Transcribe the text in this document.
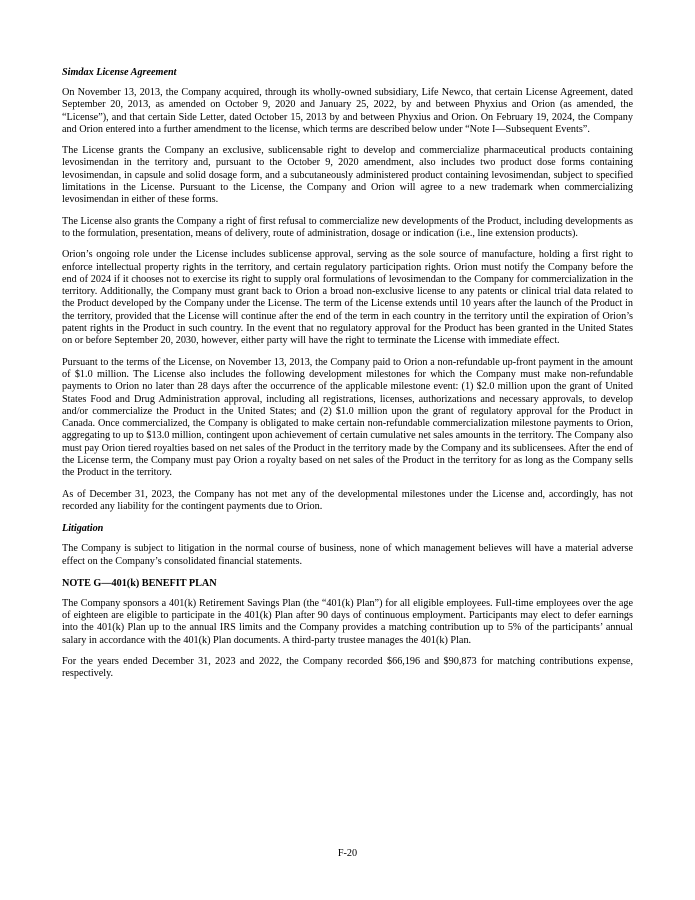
Simdax License Agreement

On November 13, 2013, the Company acquired, through its wholly-owned subsidiary, Life Newco, that certain License Agreement, dated September 20, 2013, as amended on October 9, 2020 and January 25, 2022, by and between Phyxius and Orion (as amended, the “License”), and that certain Side Letter, dated October 15, 2013 by and between Phyxius and Orion. On February 19, 2024, the Company and Orion entered into a further amendment to the license, which terms are described below under “Note I—Subsequent Events”.

The License grants the Company an exclusive, sublicensable right to develop and commercialize pharmaceutical products containing levosimendan in the territory and, pursuant to the October 9, 2020 amendment, also includes two product dose forms containing levosimendan, in capsule and solid dosage form, and a subcutaneously administered product containing levosimendan, subject to specified limitations in the License. Pursuant to the License, the Company and Orion will agree to a new trademark when commercializing levosimendan in either of these forms.

The License also grants the Company a right of first refusal to commercialize new developments of the Product, including developments as to the formulation, presentation, means of delivery, route of administration, dosage or indication (i.e., line extension products).

Orion’s ongoing role under the License includes sublicense approval, serving as the sole source of manufacture, holding a first right to enforce intellectual property rights in the territory, and certain regulatory participation rights. Orion must notify the Company before the end of 2024 if it chooses not to exercise its right to supply oral formulations of levosimendan to the Company for commercialization in the territory. Additionally, the Company must grant back to Orion a broad non-exclusive license to any patents or clinical trial data related to the Product developed by the Company under the License. The term of the License extends until 10 years after the launch of the Product in the territory, provided that the License will continue after the end of the term in each country in the territory until the expiration of Orion’s patent rights in the Product in such country. In the event that no regulatory approval for the Product has been granted in the United States on or before September 20, 2030, however, either party will have the right to terminate the License with immediate effect.

Pursuant to the terms of the License, on November 13, 2013, the Company paid to Orion a non-refundable up-front payment in the amount of $1.0 million. The License also includes the following development milestones for which the Company must make non-refundable payments to Orion no later than 28 days after the occurrence of the applicable milestone event: (1) $2.0 million upon the grant of United States Food and Drug Administration approval, including all registrations, licenses, authorizations and necessary approvals, to develop and/or commercialize the Product in the United States; and (2) $1.0 million upon the grant of regulatory approval for the Product in Canada. Once commercialized, the Company is obligated to make certain non-refundable commercialization milestone payments to Orion, aggregating to up to $13.0 million, contingent upon achievement of certain cumulative net sales amounts in the territory. The Company also must pay Orion tiered royalties based on net sales of the Product in the territory made by the Company and its sublicensees. After the end of the License term, the Company must pay Orion a royalty based on net sales of the Product in the territory for as long as the Company sells the Product in the territory.

As of December 31, 2023, the Company has not met any of the developmental milestones under the License and, accordingly, has not recorded any liability for the contingent payments due to Orion.

Litigation

The Company is subject to litigation in the normal course of business, none of which management believes will have a material adverse effect on the Company’s consolidated financial statements.

NOTE G—401(k) BENEFIT PLAN

The Company sponsors a 401(k) Retirement Savings Plan (the “401(k) Plan”) for all eligible employees. Full-time employees over the age of eighteen are eligible to participate in the 401(k) Plan after 90 days of continuous employment. Participants may elect to defer earnings into the 401(k) Plan up to the annual IRS limits and the Company provides a matching contribution up to 5% of the participants’ annual salary in accordance with the 401(k) Plan documents. A third-party trustee manages the 401(k) Plan.

For the years ended December 31, 2023 and 2022, the Company recorded $66,196 and $90,873 for matching contributions expense, respectively.

F-20
